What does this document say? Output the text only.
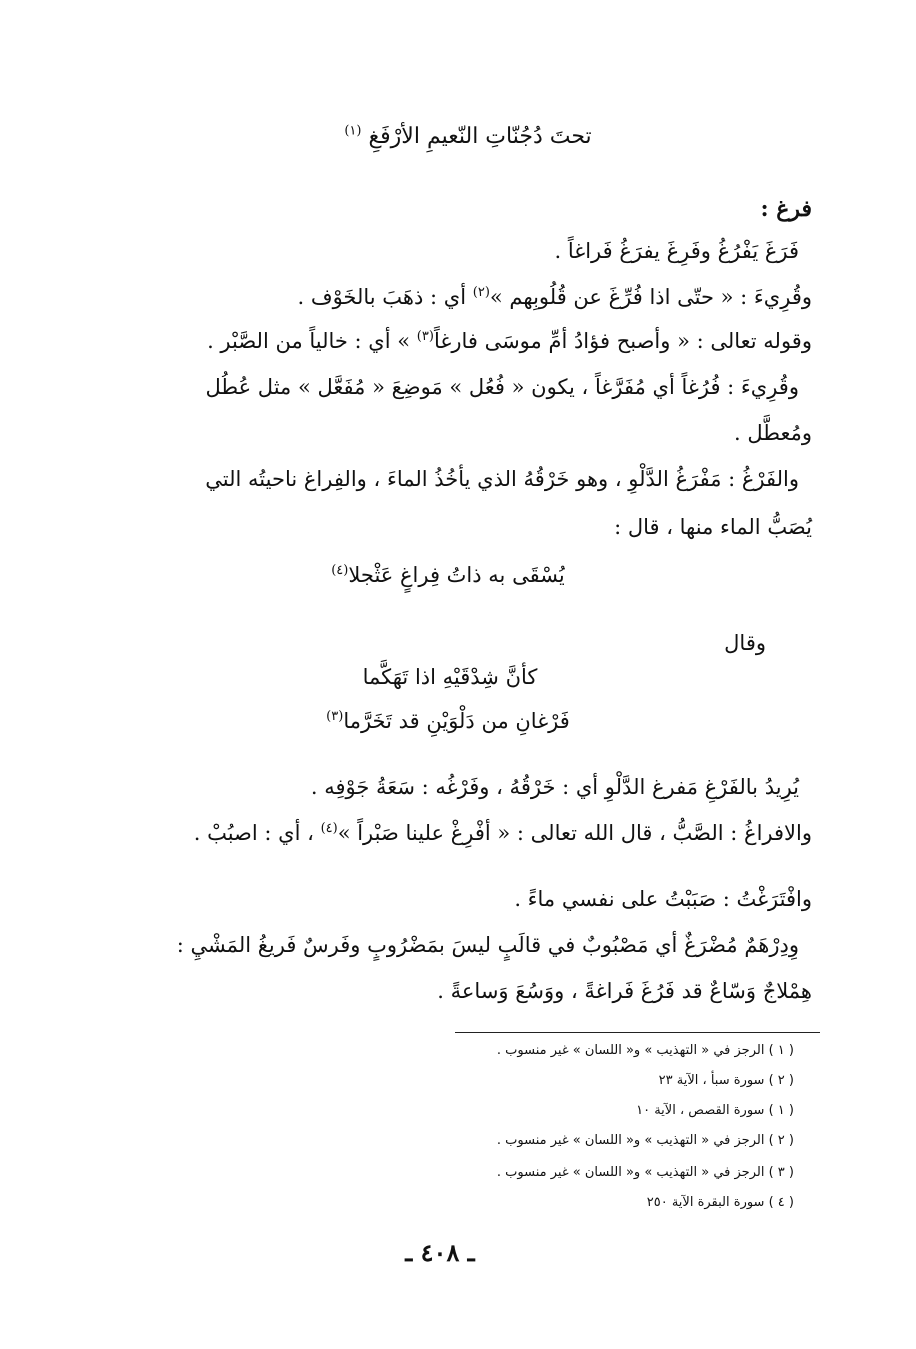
تحتَ دُجُنّاتِ النّعيمِ الأرْفَغِ $^{(١)}$
فرغ :
فَرَغَ يَفْرُغُ وفَرِغَ يفرَغُ فَراغاً .
وقُرِيءَ : « حتّى اذا فُرِّغَ عن قُلُوبِهم »$^{(٢)}$ أي : ذهَبَ بالخَوْف .
وقوله تعالى : « وأصبح فؤادُ أمِّ موسَى فارغاً$^{(٣)}$ » أي : خالياً من الصَّبْر .
وقُرِيءَ : فُرُغاً أي مُفَرَّغاً ، يكون « فُعُل » مَوضِعَ « مُفَعَّل » مثل عُطُل
ومُعطَّل .
والفَرْغُ : مَفْرَغُ الدَّلْوِ ، وهو خَرْقُهُ الذي يأخُذُ الماءَ ، والفِراغ ناحيتُه التي
يُصَبُّ الماء منها ، قال :
يُسْقَى به ذاتُ فِراغٍ عَثْجلا$^{(٤)}$
وقال
كأنَّ شِدْقَيْهِ اذا تَهَكَّما
فَرْغانِ من دَلْوَيْنِ قد تَخَرَّما$^{(٣)}$
يُرِيدُ بالفَرْغِ مَفرغ الدَّلْوِ أي : خَرْقُهُ ، وفَرْغُه : سَعَةُ جَوْفِه .
والافراغُ : الصَّبُّ ، قال الله تعالى : « أفْرِغْ علينا صَبْراً »$^{(٤)}$ ، أي : اصبُبْ .
وافْتَرَغْتُ : صَبَبْتُ على نفسي ماءً .
وِدِرْهَمٌ مُضْرَغٌ أي مَصْبُوبٌ في قالَبٍ ليسَ بمَضْرُوبٍ وفَرسٌ فَريغُ المَشْيِ :
هِمْلاجٌ وَسّاعٌ قد فَرُغَ فَراغةً ، ووَسُعَ وَساعةً .
( ١ ) الرجز في « التهذيب » و« اللسان » غير منسوب .
( ٢ ) سورة سبأ ، الآية ٢٣
( ١ ) سورة القصص ، الآية ١٠
( ٢ ) الرجز في « التهذيب » و« اللسان » غير منسوب .
( ٣ ) الرجز في « التهذيب » و« اللسان » غير منسوب .
( ٤ ) سورة البقرة الآية ٢٥٠
ـ ٤٠٨ ـ
